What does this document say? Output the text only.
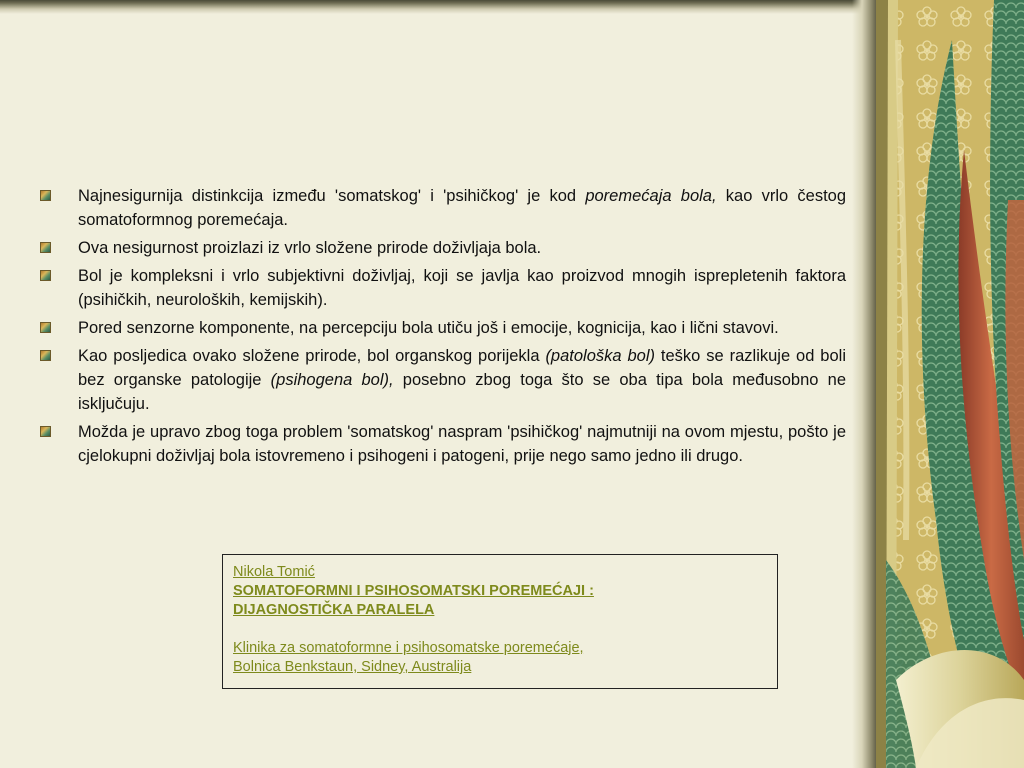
Najnesigurnija distinkcija između 'somatskog' i 'psihičkog' je kod poremećaja bola, kao vrlo čestog somatoformnog poremećaja.
Ova nesigurnost proizlazi iz vrlo složene prirode doživljaja bola.
Bol je kompleksni i vrlo subjektivni doživljaj, koji se javlja kao proizvod mnogih isprepletenih faktora (psihičkih, neuroloških, kemijskih).
Pored senzorne komponente, na percepciju bola utiču još i emocije, kognicija, kao i lični stavovi.
Kao posljedica ovako složene prirode, bol organskog porijekla (patološka bol) teško se razlikuje od boli bez organske patologije (psihogena bol), posebno zbog toga što se oba tipa bola međusobno ne isključuju.
Možda je upravo zbog toga problem 'somatskog' naspram 'psihičkog' najmutniji na ovom mjestu, pošto je cjelokupni doživljaj bola istovremeno i psihogeni i patogeni, prije nego samo jedno ili drugo.
Nikola Tomić
SOMATOFORMNI I PSIHOSOMATSKI POREMEĆAJI :
DIJAGNOSTIČKA PARALELA
Klinika za somatoformne i psihosomatske poremećaje,
Bolnica Benkstaun, Sidney, Australija
